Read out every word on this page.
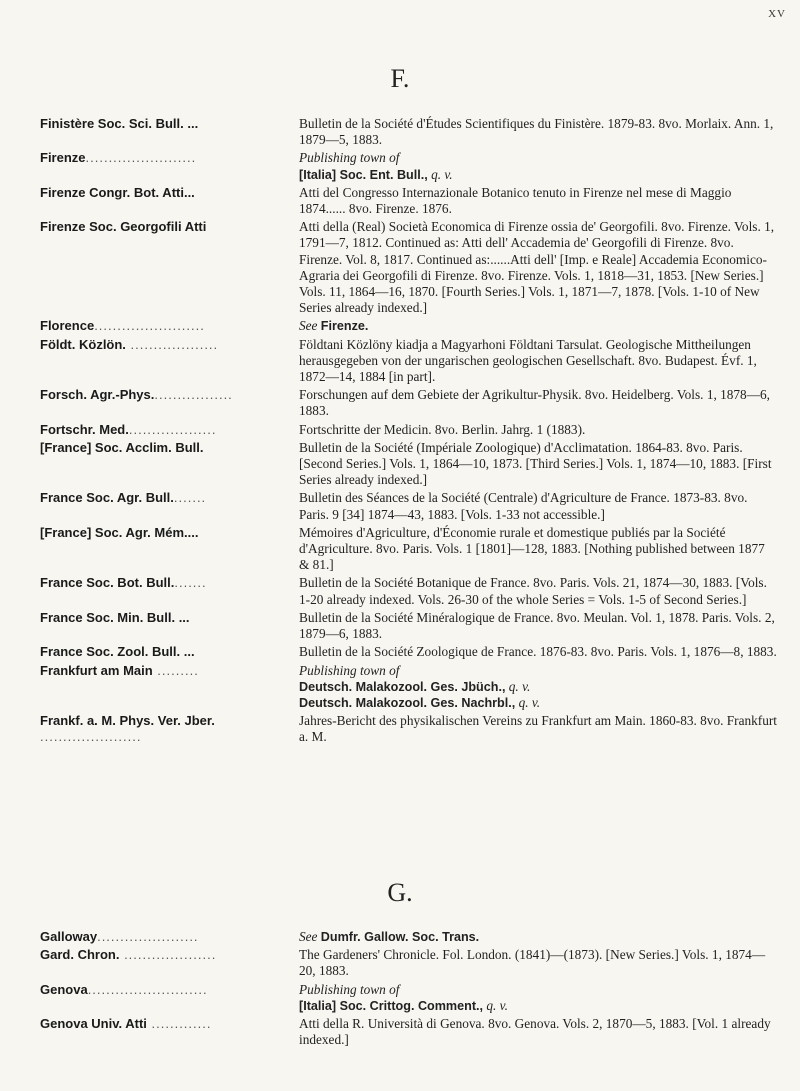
XV
F.
Finistère Soc. Sci. Bull. ...	Bulletin de la Société d'Études Scientifiques du Finistère. 1879-83. 8vo. Morlaix. Ann. 1, 1879—5, 1883.
Firenze........................	Publishing town of
[Italia] Soc. Ent. Bull., q. v.
Firenze Congr. Bot. Atti...	Atti del Congresso Internazionale Botanico tenuto in Firenze nel mese di Maggio 1874...... 8vo. Firenze. 1876.
Firenze Soc. Georgofili Atti	Atti della (Real) Società Economica di Firenze ossia de' Georgofili. 8vo. Firenze. Vols. 1, 1791—7, 1812. Continued as: Atti dell' Accademia de' Georgofili di Firenze. 8vo. Firenze. Vol. 8, 1817. Continued as:......Atti dell' [Imp. e Reale] Accademia Economico-Agraria dei Georgofili di Firenze. 8vo. Firenze. Vols. 1, 1818—31, 1853. [New Series.] Vols. 11, 1864—16, 1870. [Fourth Series.] Vols. 1, 1871—7, 1878. [Vols. 1-10 of New Series already indexed.]
Florence........................	See Firenze.
Földt. Közlön. ...................	Földtani Közlöny kiadja a Magyarhoni Földtani Tarsulat. Geologische Mittheilungen herausgegeben von der ungarischen geologischen Gesellschaft. 8vo. Budapest. Évf. 1, 1872—14, 1884 [in part].
Forsch. Agr.-Phys..................	Forschungen auf dem Gebiete der Agrikultur-Physik. 8vo. Heidelberg. Vols. 1, 1878—6, 1883.
Fortschr. Med....................	Fortschritte der Medicin. 8vo. Berlin. Jahrg. 1 (1883).
[France] Soc. Acclim. Bull.	Bulletin de la Société (Impériale Zoologique) d'Acclimatation. 1864-83. 8vo. Paris. [Second Series.] Vols. 1, 1864—10, 1873. [Third Series.] Vols. 1, 1874—10, 1883. [First Series already indexed.]
France Soc. Agr. Bull........	Bulletin des Séances de la Société (Centrale) d'Agriculture de France. 1873-83. 8vo. Paris. 9 [34] 1874—43, 1883. [Vols. 1-33 not accessible.]
[France] Soc. Agr. Mém....	Mémoires d'Agriculture, d'Économie rurale et domestique publiés par la Société d'Agriculture. 8vo. Paris. Vols. 1 [1801]—128, 1883. [Nothing published between 1877 & 81.]
France Soc. Bot. Bull........	Bulletin de la Société Botanique de France. 8vo. Paris. Vols. 21, 1874—30, 1883. [Vols. 1-20 already indexed. Vols. 26-30 of the whole Series = Vols. 1-5 of Second Series.]
France Soc. Min. Bull. ...	Bulletin de la Société Minéralogique de France. 8vo. Meulan. Vol. 1, 1878. Paris. Vols. 2, 1879—6, 1883.
France Soc. Zool. Bull. ...	Bulletin de la Société Zoologique de France. 1876-83. 8vo. Paris. Vols. 1, 1876—8, 1883.
Frankfurt am Main .........	Publishing town of
Deutsch. Malakozool. Ges. Jbüch., q. v.
Deutsch. Malakozool. Ges. Nachrbl., q. v.
Frankf. a. M. Phys. Ver. Jber. ......................
Jahres-Bericht des physikalischen Vereins zu Frankfurt am Main. 1860-83. 8vo. Frankfurt a. M.
G.
Galloway......................	See Dumfr. Gallow. Soc. Trans.
Gard. Chron. ....................	The Gardeners' Chronicle. Fol. London. (1841)—(1873). [New Series.] Vols. 1, 1874—20, 1883.
Genova..........................	Publishing town of
[Italia] Soc. Crittog. Comment., q. v.
Genova Univ. Atti .............	Atti della R. Università di Genova. 8vo. Genova. Vols. 2, 1870—5, 1883. [Vol. 1 already indexed.]
